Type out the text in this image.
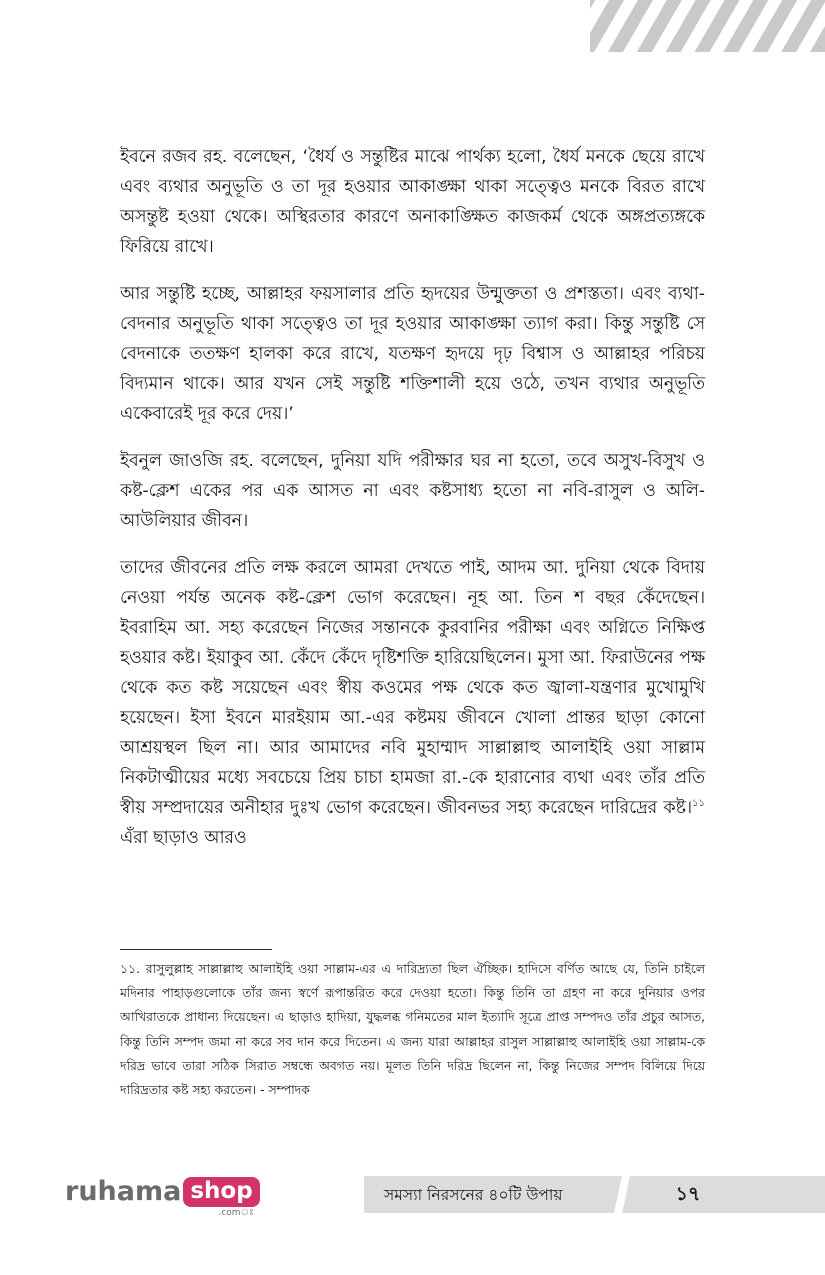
ইবনে রজব রহ. বলেছেন, ‘ধৈর্য ও সন্তুষ্টির মাঝে পার্থক্য হলো, ধৈর্য মনকে ছেয়ে রাখে এবং ব্যথার অনুভূতি ও তা দূর হওয়ার আকাঙ্ক্ষা থাকা সত্ত্বেও মনকে বিরত রাখে অসন্তুষ্ট হওয়া থেকে। অস্থিরতার কারণে অনাকাঙ্ক্ষিত কাজকর্ম থেকে অঙ্গপ্রত্যঙ্গকে ফিরিয়ে রাখে।

আর সন্তুষ্টি হচ্ছে, আল্লাহর ফয়সালার প্রতি হৃদয়ের উন্মুক্ততা ও প্রশস্ততা। এবং ব্যথা-বেদনার অনুভূতি থাকা সত্ত্বেও তা দূর হওয়ার আকাঙ্ক্ষা ত্যাগ করা। কিন্তু সন্তুষ্টি সে বেদনাকে ততক্ষণ হালকা করে রাখে, যতক্ষণ হৃদয়ে দৃঢ় বিশ্বাস ও আল্লাহর পরিচয় বিদ্যমান থাকে। আর যখন সেই সন্তুষ্টি শক্তিশালী হয়ে ওঠে, তখন ব্যথার অনুভূতি একেবারেই দূর করে দেয়।’

ইবনুল জাওজি রহ. বলেছেন, দুনিয়া যদি পরীক্ষার ঘর না হতো, তবে অসুখ-বিসুখ ও কষ্ট-ক্লেশ একের পর এক আসত না এবং কষ্টসাধ্য হতো না নবি-রাসুল ও অলি-আউলিয়ার জীবন।

তাদের জীবনের প্রতি লক্ষ করলে আমরা দেখতে পাই, আদম আ. দুনিয়া থেকে বিদায় নেওয়া পর্যন্ত অনেক কষ্ট-ক্লেশ ভোগ করেছেন। নূহ আ. তিন শ বছর কেঁদেছেন। ইবরাহিম আ. সহ্য করেছেন নিজের সন্তানকে কুরবানির পরীক্ষা এবং অগ্নিতে নিক্ষিপ্ত হওয়ার কষ্ট। ইয়াকুব আ. কেঁদে কেঁদে দৃষ্টিশক্তি হারিয়েছিলেন। মুসা আ. ফিরাউনের পক্ষ থেকে কত কষ্ট সয়েছেন এবং স্বীয় কওমের পক্ষ থেকে কত জ্বালা-যন্ত্রণার মুখোমুখি হয়েছেন। ইসা ইবনে মারইয়াম আ.-এর কষ্টময় জীবনে খোলা প্রান্তর ছাড়া কোনো আশ্রয়স্থল ছিল না। আর আমাদের নবি মুহাম্মাদ সাল্লাল্লাহু আলাইহি ওয়া সাল্লাম নিকটাত্মীয়ের মধ্যে সবচেয়ে প্রিয় চাচা হামজা রা.-কে হারানোর ব্যথা এবং তাঁর প্রতি স্বীয় সম্প্রদায়ের অনীহার দুঃখ ভোগ করেছেন। জীবনভর সহ্য করেছেন দারিদ্রের কষ্ট।$^{১১}$ এঁরা ছাড়াও আরও

১১. রাসুলুল্লাহ সাল্লাল্লাহু আলাইহি ওয়া সাল্লাম-এর এ দারিদ্র্যতা ছিল ঐচ্ছিক। হাদিসে বর্ণিত আছে যে, তিনি চাইলে মদিনার পাহাড়গুলোকে তাঁর জন্য স্বর্ণে রূপান্তরিত করে দেওয়া হতো। কিন্তু তিনি তা গ্রহণ না করে দুনিয়ার ওপর আখিরাতকে প্রাধান্য দিয়েছেন। এ ছাড়াও হাদিয়া, যুদ্ধলব্ধ গনিমতের মাল ইত্যাদি সূত্রে প্রাপ্ত সম্পদও তাঁর প্রচুর আসত, কিন্তু তিনি সম্পদ জমা না করে সব দান করে দিতেন। এ জন্য যারা আল্লাহর রাসুল সাল্লাল্লাহু আলাইহি ওয়া সাল্লাম-কে দরিদ্র ভাবে তারা সঠিক সিরাত সম্বন্ধে অবগত নয়। মূলত তিনি দরিদ্র ছিলেন না, কিন্তু নিজের সম্পদ বিলিয়ে দিয়ে দারিদ্রতার কষ্ট সহ্য করতেন। - সম্পাদক

ruhama shop
.comঃ
সমস্যা নিরসনের ৪০টি উপায়	১৭
